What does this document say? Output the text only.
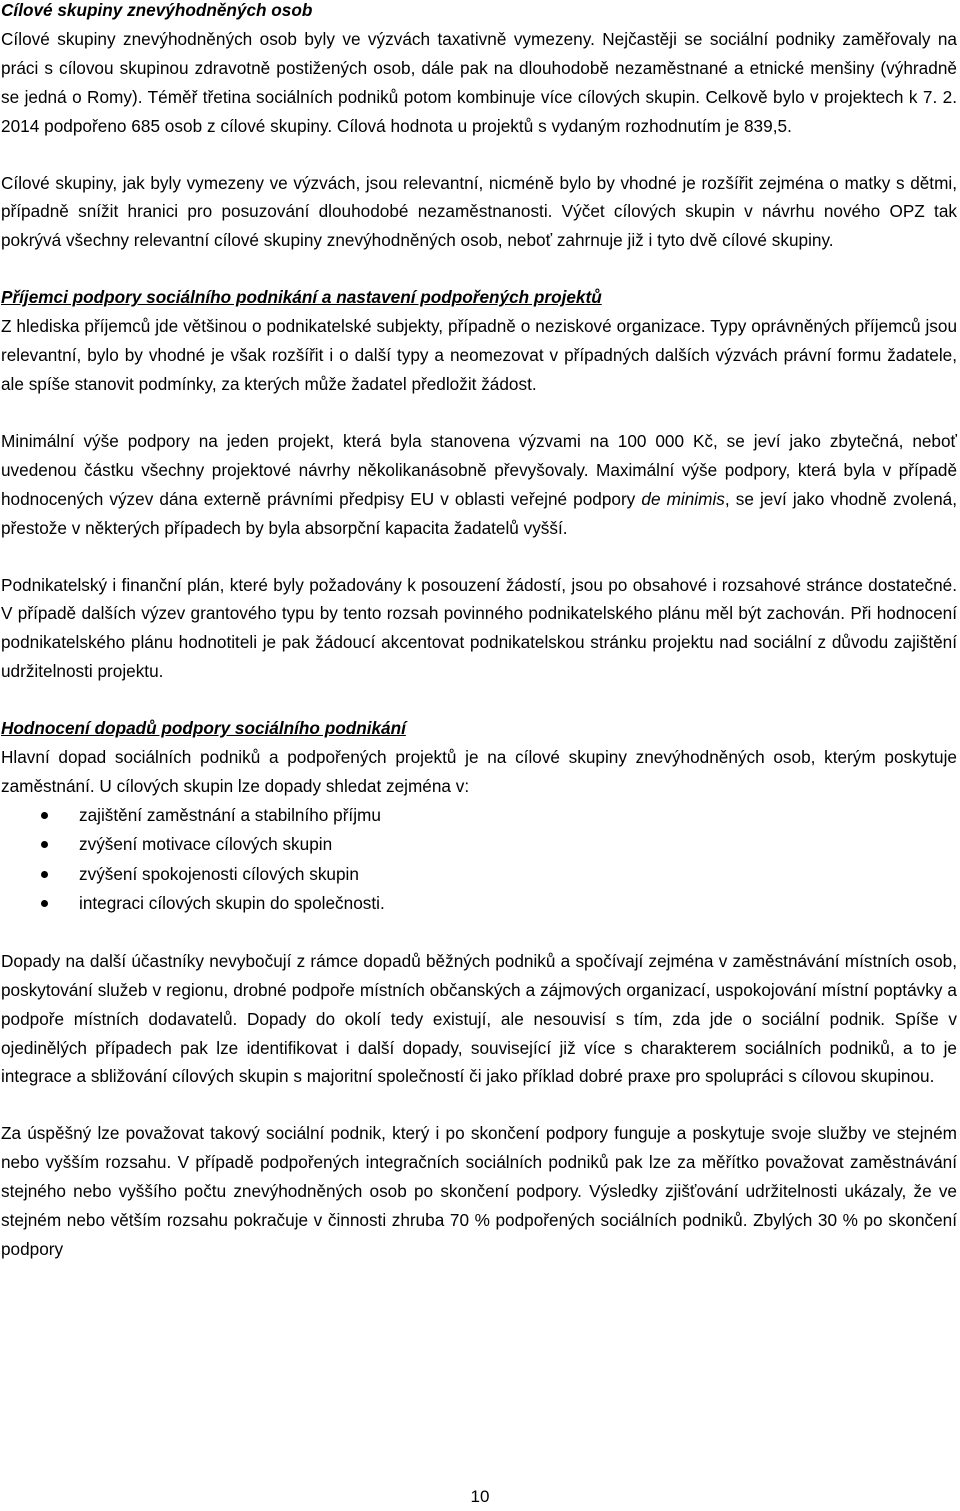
Cílové skupiny znevýhodněných osob

Cílové skupiny znevýhodněných osob byly ve výzvách taxativně vymezeny. Nejčastěji se sociální podniky zaměřovaly na práci s cílovou skupinou zdravotně postižených osob, dále pak na dlouhodobě nezaměstnané a etnické menšiny (výhradně se jedná o Romy). Téměř třetina sociálních podniků potom kombinuje více cílových skupin. Celkově bylo v projektech k 7. 2. 2014 podpořeno 685 osob z cílové skupiny. Cílová hodnota u projektů s vydaným rozhodnutím je 839,5.

Cílové skupiny, jak byly vymezeny ve výzvách, jsou relevantní, nicméně bylo by vhodné je rozšířit zejména o matky s dětmi, případně snížit hranici pro posuzování dlouhodobé nezaměstnanosti. Výčet cílových skupin v návrhu nového OPZ tak pokrývá všechny relevantní cílové skupiny znevýhodněných osob, neboť zahrnuje již i tyto dvě cílové skupiny.

Příjemci podpory sociálního podnikání a nastavení podpořených projektů

Z hlediska příjemců jde většinou o podnikatelské subjekty, případně o neziskové organizace. Typy oprávněných příjemců jsou relevantní, bylo by vhodné je však rozšířit i o další typy a neomezovat v případných dalších výzvách právní formu žadatele, ale spíše stanovit podmínky, za kterých může žadatel předložit žádost.

Minimální výše podpory na jeden projekt, která byla stanovena výzvami na 100 000 Kč, se jeví jako zbytečná, neboť uvedenou částku všechny projektové návrhy několikanásobně převyšovaly. Maximální výše podpory, která byla v případě hodnocených výzev dána externě právními předpisy EU v oblasti veřejné podpory de minimis, se jeví jako vhodně zvolená, přestože v některých případech by byla absorpční kapacita žadatelů vyšší.

Podnikatelský i finanční plán, které byly požadovány k posouzení žádostí, jsou po obsahové i rozsahové stránce dostatečné. V případě dalších výzev grantového typu by tento rozsah povinného podnikatelského plánu měl být zachován. Při hodnocení podnikatelského plánu hodnotiteli je pak žádoucí akcentovat podnikatelskou stránku projektu nad sociální z důvodu zajištění udržitelnosti projektu.

Hodnocení dopadů podpory sociálního podnikání

Hlavní dopad sociálních podniků a podpořených projektů je na cílové skupiny znevýhodněných osob, kterým poskytuje zaměstnání. U cílových skupin lze dopady shledat zejména v:

zajištění zaměstnání a stabilního příjmu
zvýšení motivace cílových skupin
zvýšení spokojenosti cílových skupin
integraci cílových skupin do společnosti.

Dopady na další účastníky nevybočují z rámce dopadů běžných podniků a spočívají zejména v zaměstnávání místních osob, poskytování služeb v regionu, drobné podpoře místních občanských a zájmových organizací, uspokojování místní poptávky a podpoře místních dodavatelů. Dopady do okolí tedy existují, ale nesouvisí s tím, zda jde o sociální podnik. Spíše v ojedinělých případech pak lze identifikovat i další dopady, související již více s charakterem sociálních podniků, a to je integrace a sbližování cílových skupin s majoritní společností či jako příklad dobré praxe pro spolupráci s cílovou skupinou.

Za úspěšný lze považovat takový sociální podnik, který i po skončení podpory funguje a poskytuje svoje služby ve stejném nebo vyšším rozsahu. V případě podpořených integračních sociálních podniků pak lze za měřítko považovat zaměstnávání stejného nebo vyššího počtu znevýhodněných osob po skončení podpory. Výsledky zjišťování udržitelnosti ukázaly, že ve stejném nebo větším rozsahu pokračuje v činnosti zhruba 70 % podpořených sociálních podniků. Zbylých 30 % po skončení podpory

10
